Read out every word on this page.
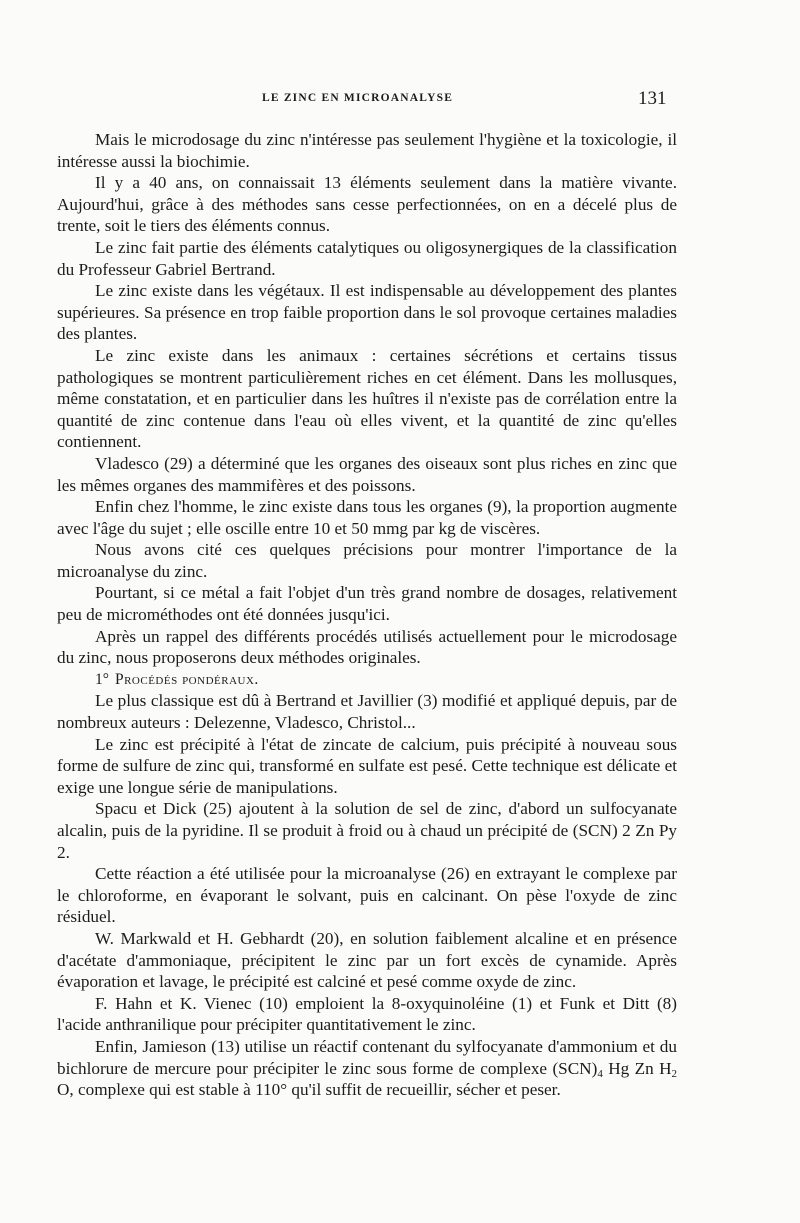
LE ZINC EN MICROANALYSE	131

Mais le microdosage du zinc n'intéresse pas seulement l'hygiène et la toxicologie, il intéresse aussi la biochimie.

Il y a 40 ans, on connaissait 13 éléments seulement dans la matière vivante. Aujourd'hui, grâce à des méthodes sans cesse perfectionnées, on en a décelé plus de trente, soit le tiers des éléments connus.

Le zinc fait partie des éléments catalytiques ou oligosynergiques de la classification du Professeur Gabriel Bertrand.

Le zinc existe dans les végétaux. Il est indispensable au développement des plantes supérieures. Sa présence en trop faible proportion dans le sol provoque certaines maladies des plantes.

Le zinc existe dans les animaux : certaines sécrétions et certains tissus pathologiques se montrent particulièrement riches en cet élément. Dans les mollusques, même constatation, et en particulier dans les huîtres il n'existe pas de corrélation entre la quantité de zinc contenue dans l'eau où elles vivent, et la quantité de zinc qu'elles contiennent.

Vladesco (29) a déterminé que les organes des oiseaux sont plus riches en zinc que les mêmes organes des mammifères et des poissons.

Enfin chez l'homme, le zinc existe dans tous les organes (9), la proportion augmente avec l'âge du sujet ; elle oscille entre 10 et 50 mmg par kg de viscères.

Nous avons cité ces quelques précisions pour montrer l'importance de la microanalyse du zinc.

Pourtant, si ce métal a fait l'objet d'un très grand nombre de dosages, relativement peu de microméthodes ont été données jusqu'ici.

Après un rappel des différents procédés utilisés actuellement pour le microdosage du zinc, nous proposerons deux méthodes originales.

1° Procédés pondéraux.

Le plus classique est dû à Bertrand et Javillier (3) modifié et appliqué depuis, par de nombreux auteurs : Delezenne, Vladesco, Christol...

Le zinc est précipité à l'état de zincate de calcium, puis précipité à nouveau sous forme de sulfure de zinc qui, transformé en sulfate est pesé. Cette technique est délicate et exige une longue série de manipulations.

Spacu et Dick (25) ajoutent à la solution de sel de zinc, d'abord un sulfocyanate alcalin, puis de la pyridine. Il se produit à froid ou à chaud un précipité de (SCN) 2 Zn Py 2.

Cette réaction a été utilisée pour la microanalyse (26) en extrayant le complexe par le chloroforme, en évaporant le solvant, puis en calcinant. On pèse l'oxyde de zinc résiduel.

W. Markwald et H. Gebhardt (20), en solution faiblement alcaline et en présence d'acétate d'ammoniaque, précipitent le zinc par un fort excès de cynamide. Après évaporation et lavage, le précipité est calciné et pesé comme oxyde de zinc.

F. Hahn et K. Vienec (10) emploient la 8-oxyquinoléine (1) et Funk et Ditt (8) l'acide anthranilique pour précipiter quantitativement le zinc.

Enfin, Jamieson (13) utilise un réactif contenant du sylfocyanate d'ammonium et du bichlorure de mercure pour précipiter le zinc sous forme de complexe $(SCN)_4$ Hg Zn $H_2$ O, complexe qui est stable à 110° qu'il suffit de recueillir, sécher et peser.
